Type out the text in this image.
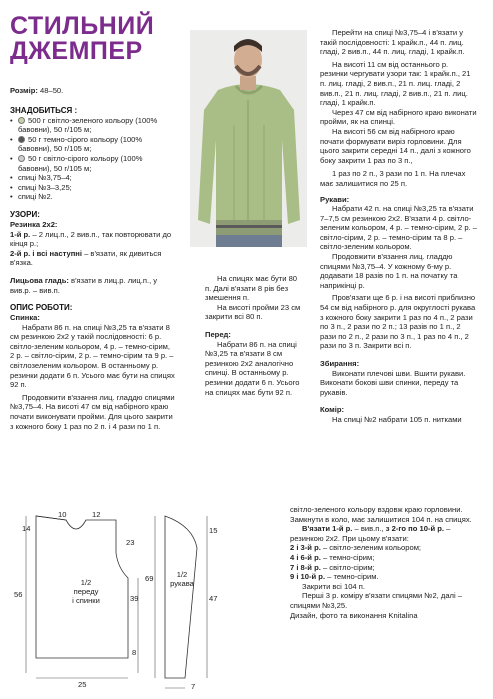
СТИЛЬНИЙ
ДЖЕМПЕР

Розмір: 48–50.

ЗНАДОБИТЬСЯ :

• 500 г світло-зеленого кольору (100% бавовни), 50 г/105 м;

• 50 г темно-сірого кольору (100% бавовни), 50 г/105 м;

• 50 г світло-сірого кольору (100% бавовни), 50 г/105 м;

• спиці №3,75–4;

• спиці №3–3,25;

• спиці №2.

УЗОРИ:

Резинка 2х2:

1-й р. – 2 лиц.п., 2 вив.п., так повторювати до кінця р.;

2-й р. і всі наступні – в'язати, як дивиться в'язка.

Лицьова гладь: в'язати в лиц.р. лиц.п., у вив.р. – вив.п.

ОПИС РОБОТИ:

Спинка:

Набрати 86 п. на спиці №3,25 та в'язати 8 см резинкою 2х2 у такій послідовності: 6 р. світло-зеленим кольором, 4 р. – темно-сірим, 2 р. – світло-сірим, 2 р. – темно-сірим та 9 р. – світлозеленим кольором. В останньому р. резинки додати 6 п. Усього має бути на спицях 92 п.

Продовжити в'язання лиц. гладдю спицями №3,75–4. На висоті 47 см від набірного краю почати виконувати пройми. Для цього закрити з кожного боку 1 раз по 2 п. і 4 рази по 1 п.

На спицях має бути 80 п. Далі в'язати 8 рів без змешення п.

На висоті пройми 23 см закрити всі 80 п.

Перед:

Набрати 86 п. на спиці №3,25 та в'язати 8 см резинкою 2х2 аналогічно спинці. В останньому р. резинки додати 6 п. Усього на спицях має бути 92 п.

Перейти на спиці №3,75–4 і в'язати у такій послідовності: 1 крайк.п., 44 п. лиц. гладі, 2 вив.п., 44 п. лиц. гладі, 1 крайк.п.

На висоті 11 см від останнього р. резинки чергувати узори так: 1 крайк.п., 21 п. лиц. гладі, 2 вив.п., 21 п. лиц. гладі, 2 вив.п., 21 п. лиц. гладі, 2 вив.п., 21 п. лиц. гладі, 1 крайк.п.

Через 47 см від набірного краю виконати пройми, як на спинці.

На висоті 56 см від набірного краю почати формувати виріз горловини. Для цього закрити середні 14 п., далі з кожного боку закрити 1 раз по 3 п.,

1 раз по 2 п., 3 рази по 1 п. На плечах має залишитися по 25 п.

Рукави:

Набрати 42 п. на спиці №3,25 та в'язати 7–7,5 см резинкою 2х2. В'язати 4 р. світло-зеленим кольором, 4 р. – темно-сірим, 2 р. – світло-сірим, 2 р. – темно-сірим та 8 р. – світло-зеленим кольором.

Продовжити в'язання лиц. гладдю спицями №3,75–4. У кожному 6-му р. додавати 18 разів по 1 п. на початку та наприкінці р.

Пров'язати ще 6 р. і на висоті приблизно 54 см від набірного р. для округлості рукава з кожного боку закрити 1 раз по 4 п., 2 рази по 3 п., 2 рази по 2 п.; 13 разів по 1 п., 2 рази по 2 п., 2 рази по 3 п., 1 раз по 4 п., 2 рази по 3 п. Закрити всі п.

Збирання:

Виконати плечові шви. Вшити рукави. Виконати бокові шви спинки, переду та рукавів.

Комір:

На спиці №2 набрати 105 п. нитками

світло-зеленого кольору вздовж краю горловини. Замкнути в коло, має залишитися 104 п. на спицях.

В'язати 1-й р. – вив.п., з 2-го по 10-й р. – резинкою 2х2. При цьому в'язати:

2 і 3-й р. – світло-зеленим кольором;

4 і 6-й р. – темно-сірим;

7 і 8-й р. – світло-сірим;

9 і 10-й р. – темно-сірим.

Закрити всі 104 п.

Перші 3 р. коміру в'язати спицями №2, далі – спицями №3,25.

Дизайн, фото та виконання Knitalina

14
10	12
23
39
8
56
25
1/2
переду
і спинки
15
47
69
7
1/2
рукава
